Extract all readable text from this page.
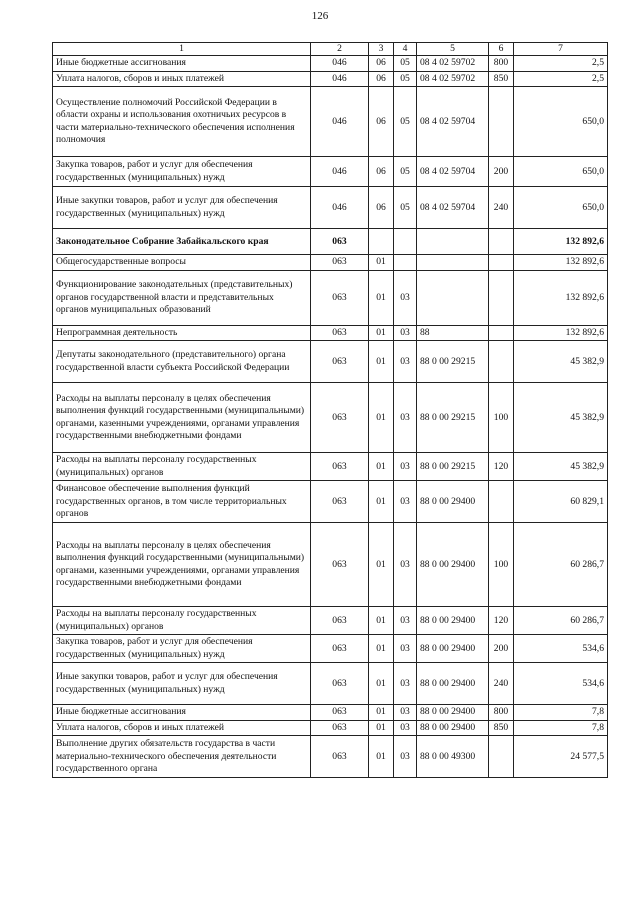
126
1	2	3	4	5	6	7
Иные бюджетные ассигнования	046	06	05	08 4 02 59702	800	2,5
Уплата налогов, сборов и иных платежей	046	06	05	08 4 02 59702	850	2,5
Осуществление полномочий Российской Федерации в области охраны и использования охотничьих ресурсов в части материально-технического обеспечения исполнения полномочия	046	06	05	08 4 02 59704		650,0
Закупка товаров, работ и услуг для обеспечения государственных (муниципальных) нужд	046	06	05	08 4 02 59704	200	650,0
Иные закупки товаров, работ и услуг для обеспечения государственных (муниципальных) нужд	046	06	05	08 4 02 59704	240	650,0
Законодательное Собрание Забайкальского края	063					132 892,6
Общегосударственные вопросы	063	01				132 892,6
Функционирование законодательных (представительных) органов государственной власти и представительных органов муниципальных образований	063	01	03			132 892,6
Непрограммная деятельность	063	01	03	88		132 892,6
Депутаты законодательного (представительного) органа государственной власти субъекта Российской Федерации	063	01	03	88 0 00 29215		45 382,9
Расходы на выплаты персоналу в целях обеспечения выполнения функций государственными (муниципальными) органами, казенными учреждениями, органами управления государственными внебюджетными фондами	063	01	03	88 0 00 29215	100	45 382,9
Расходы на выплаты персоналу государственных (муниципальных) органов	063	01	03	88 0 00 29215	120	45 382,9
Финансовое обеспечение выполнения функций государственных органов, в том числе территориальных органов	063	01	03	88 0 00 29400		60 829,1
Расходы на выплаты персоналу в целях обеспечения выполнения функций государственными (муниципальными) органами, казенными учреждениями, органами управления государственными внебюджетными фондами	063	01	03	88 0 00 29400	100	60 286,7
Расходы на выплаты персоналу государственных (муниципальных) органов	063	01	03	88 0 00 29400	120	60 286,7
Закупка товаров, работ и услуг для обеспечения государственных (муниципальных) нужд	063	01	03	88 0 00 29400	200	534,6
Иные закупки товаров, работ и услуг для обеспечения государственных (муниципальных) нужд	063	01	03	88 0 00 29400	240	534,6
Иные бюджетные ассигнования	063	01	03	88 0 00 29400	800	7,8
Уплата налогов, сборов и иных платежей	063	01	03	88 0 00 29400	850	7,8
Выполнение других обязательств государства в части материально-технического обеспечения деятельности государственного органа	063	01	03	88 0 00 49300		24 577,5
